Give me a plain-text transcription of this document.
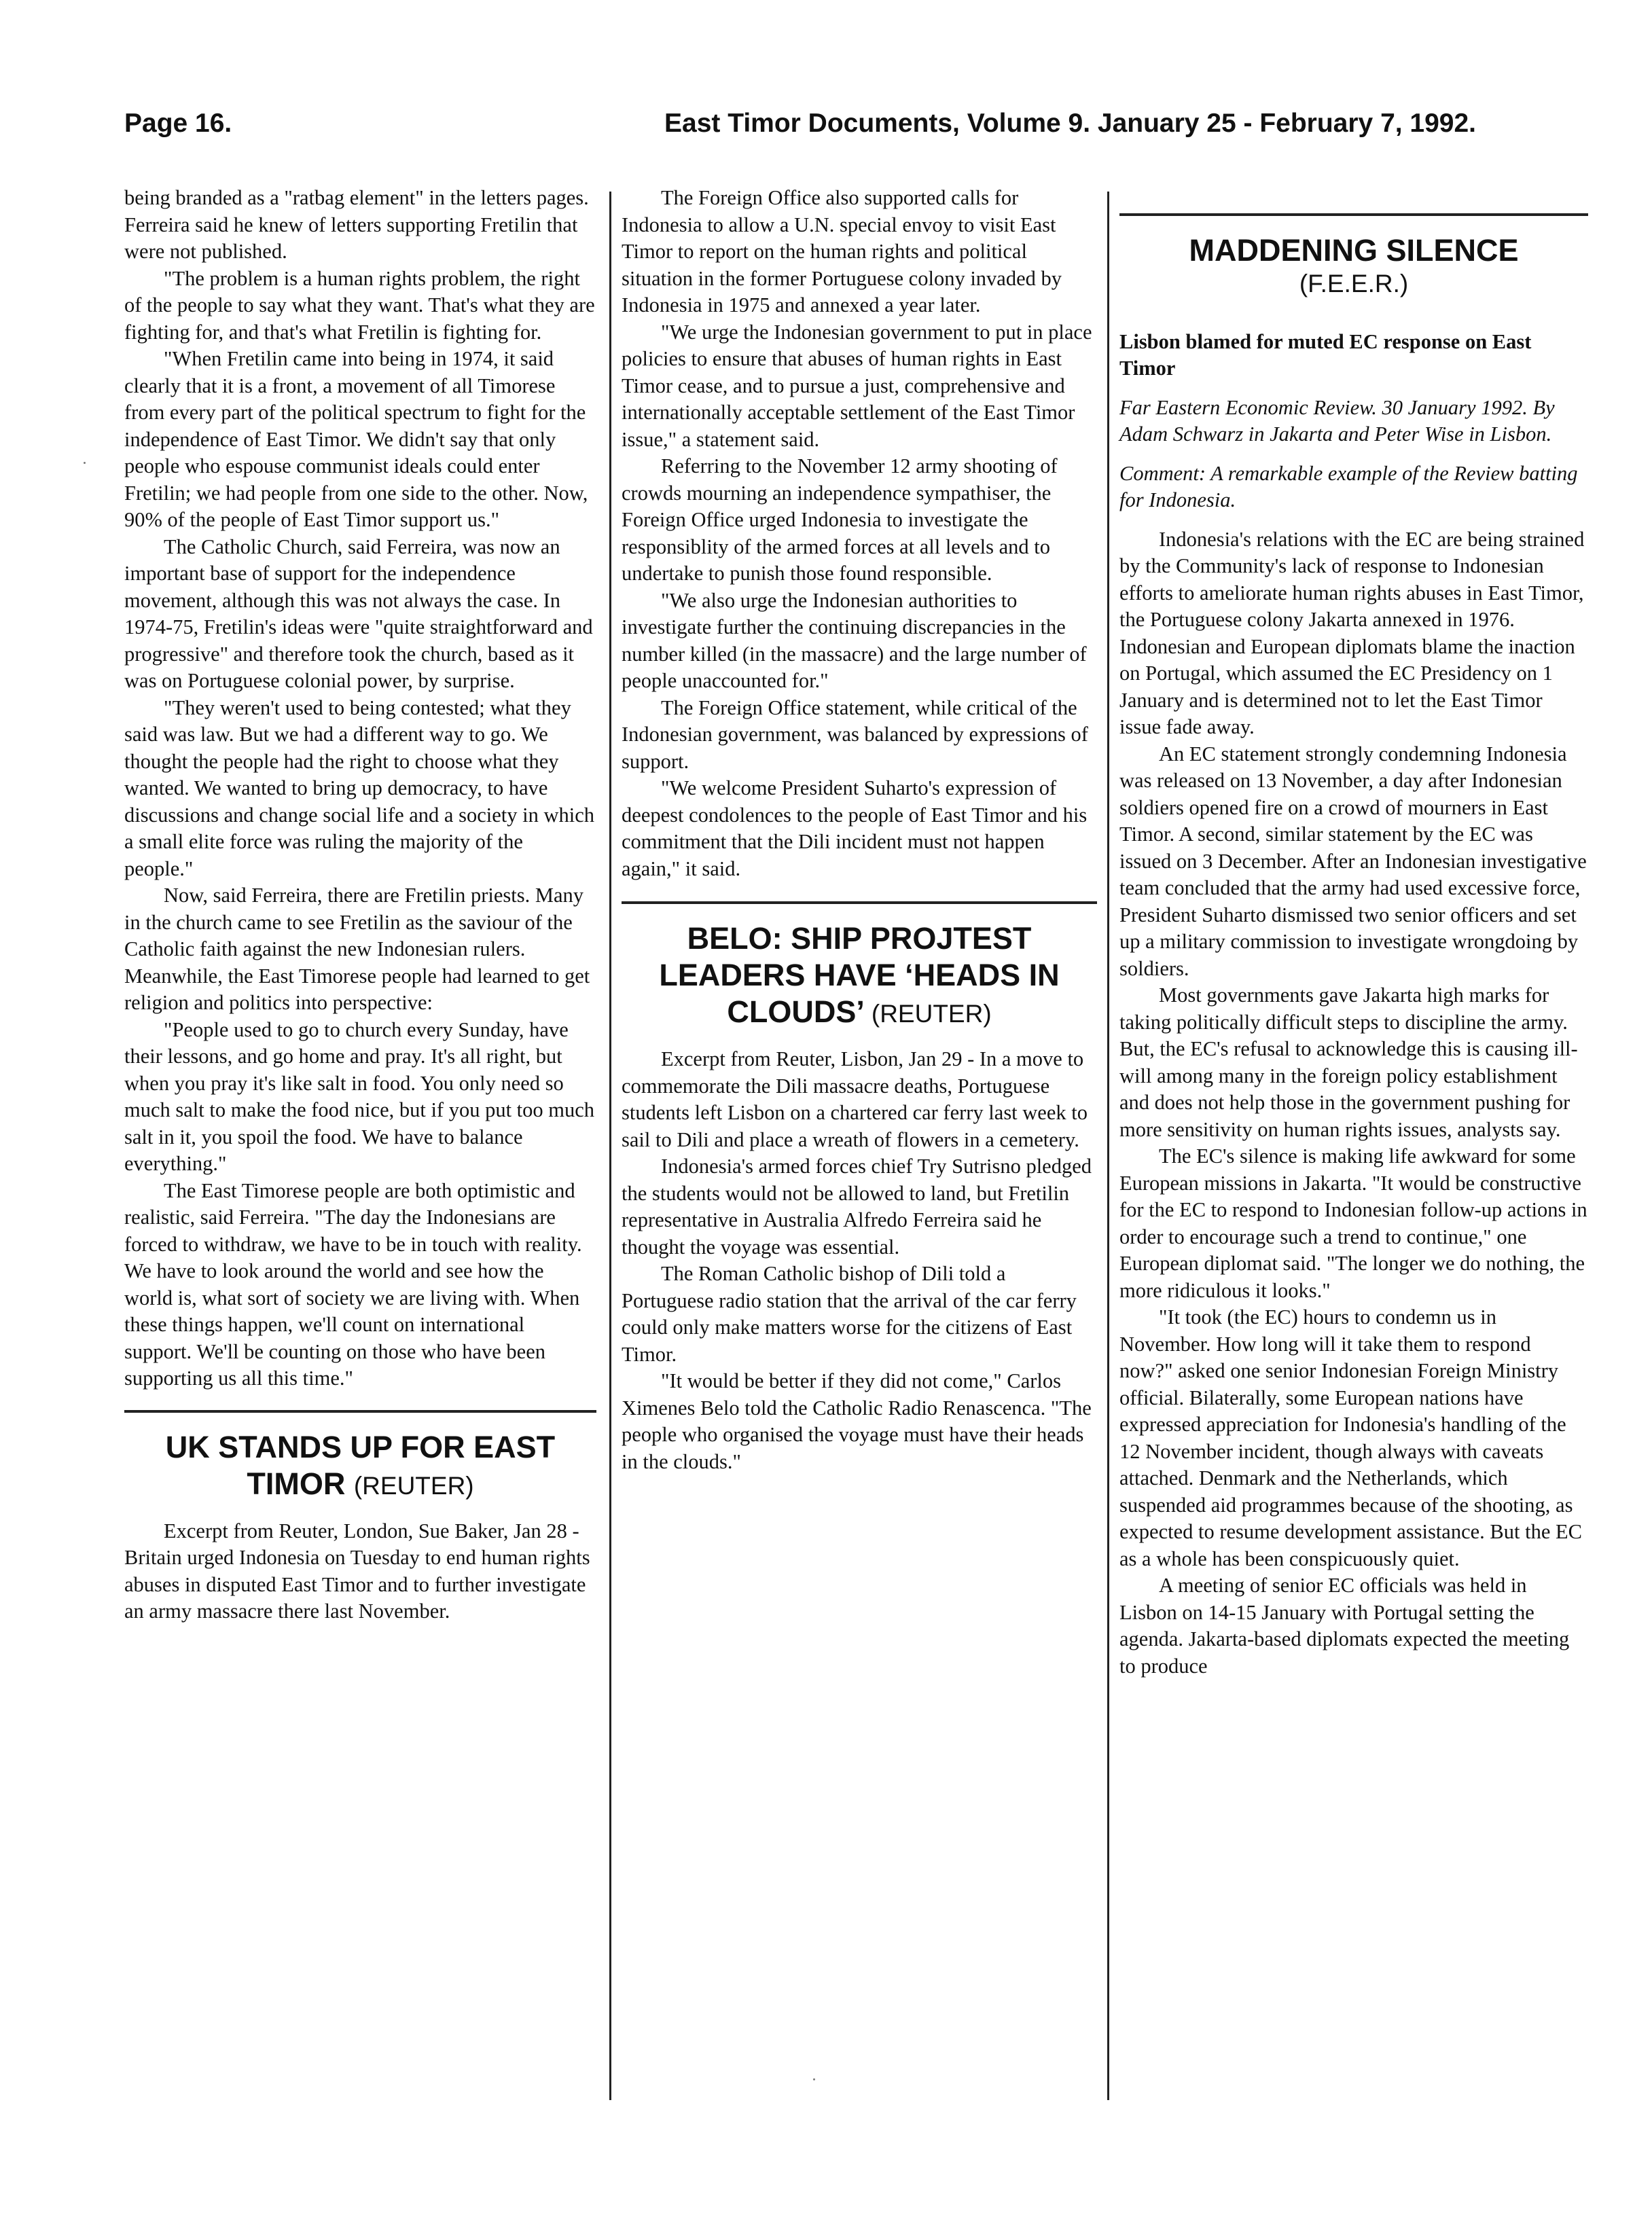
Page 16.	East Timor Documents, Volume 9. January 25 - February 7, 1992.

being branded as a "ratbag element" in the letters pages. Ferreira said he knew of letters supporting Fretilin that were not published.

"The problem is a human rights problem, the right of the people to say what they want. That's what they are fighting for, and that's what Fretilin is fighting for.

"When Fretilin came into being in 1974, it said clearly that it is a front, a movement of all Timorese from every part of the political spectrum to fight for the independence of East Timor. We didn't say that only people who espouse communist ideals could enter Fretilin; we had people from one side to the other. Now, 90% of the people of East Timor support us."

The Catholic Church, said Ferreira, was now an important base of support for the independence movement, although this was not always the case. In 1974-75, Fretilin's ideas were "quite straightforward and progressive" and therefore took the church, based as it was on Portuguese colonial power, by surprise.

"They weren't used to being contested; what they said was law. But we had a different way to go. We thought the people had the right to choose what they wanted. We wanted to bring up democracy, to have discussions and change social life and a society in which a small elite force was ruling the majority of the people."

Now, said Ferreira, there are Fretilin priests. Many in the church came to see Fretilin as the saviour of the Catholic faith against the new Indonesian rulers. Meanwhile, the East Timorese people had learned to get religion and politics into perspective:

"People used to go to church every Sunday, have their lessons, and go home and pray. It's all right, but when you pray it's like salt in food. You only need so much salt to make the food nice, but if you put too much salt in it, you spoil the food. We have to balance everything."

The East Timorese people are both optimistic and realistic, said Ferreira. "The day the Indonesians are forced to withdraw, we have to be in touch with reality. We have to look around the world and see how the world is, what sort of society we are living with. When these things happen, we'll count on international support. We'll be counting on those who have been supporting us all this time."

UK STANDS UP FOR EAST TIMOR (REUTER)

Excerpt from Reuter, London, Sue Baker, Jan 28 - Britain urged Indonesia on Tuesday to end human rights abuses in disputed East Timor and to further investigate an army massacre there last November.

The Foreign Office also supported calls for Indonesia to allow a U.N. special envoy to visit East Timor to report on the human rights and political situation in the former Portuguese colony invaded by Indonesia in 1975 and annexed a year later.

"We urge the Indonesian government to put in place policies to ensure that abuses of human rights in East Timor cease, and to pursue a just, comprehensive and internationally acceptable settlement of the East Timor issue," a statement said.

Referring to the November 12 army shooting of crowds mourning an independence sympathiser, the Foreign Office urged Indonesia to investigate the responsiblity of the armed forces at all levels and to undertake to punish those found responsible.

"We also urge the Indonesian authorities to investigate further the continuing discrepancies in the number killed (in the massacre) and the large number of people unaccounted for."

The Foreign Office statement, while critical of the Indonesian government, was balanced by expressions of support.

"We welcome President Suharto's expression of deepest condolences to the people of East Timor and his commitment that the Dili incident must not happen again," it said.

BELO: SHIP PROJTEST LEADERS HAVE ‘HEADS IN CLOUDS’ (REUTER)

Excerpt from Reuter, Lisbon, Jan 29 - In a move to commemorate the Dili massacre deaths, Portuguese students left Lisbon on a chartered car ferry last week to sail to Dili and place a wreath of flowers in a cemetery.

Indonesia's armed forces chief Try Sutrisno pledged the students would not be allowed to land, but Fretilin representative in Australia Alfredo Ferreira said he thought the voyage was essential.

The Roman Catholic bishop of Dili told a Portuguese radio station that the arrival of the car ferry could only make matters worse for the citizens of East Timor.

"It would be better if they did not come," Carlos Ximenes Belo told the Catholic Radio Renascenca. "The people who organised the voyage must have their heads in the clouds."

MADDENING SILENCE
(F.E.E.R.)

Lisbon blamed for muted EC response on East Timor

Far Eastern Economic Review. 30 January 1992. By Adam Schwarz in Jakarta and Peter Wise in Lisbon.

Comment: A remarkable example of the Review batting for Indonesia.

Indonesia's relations with the EC are being strained by the Community's lack of response to Indonesian efforts to ameliorate human rights abuses in East Timor, the Portuguese colony Jakarta annexed in 1976. Indonesian and European diplomats blame the inaction on Portugal, which assumed the EC Presidency on 1 January and is determined not to let the East Timor issue fade away.

An EC statement strongly condemning Indonesia was released on 13 November, a day after Indonesian soldiers opened fire on a crowd of mourners in East Timor. A second, similar statement by the EC was issued on 3 December. After an Indonesian investigative team concluded that the army had used excessive force, President Suharto dismissed two senior officers and set up a military commission to investigate wrongdoing by soldiers.

Most governments gave Jakarta high marks for taking politically difficult steps to discipline the army. But, the EC's refusal to acknowledge this is causing ill-will among many in the foreign policy establishment and does not help those in the government pushing for more sensitivity on human rights issues, analysts say.

The EC's silence is making life awkward for some European missions in Jakarta. "It would be constructive for the EC to respond to Indonesian follow-up actions in order to encourage such a trend to continue," one European diplomat said. "The longer we do nothing, the more ridiculous it looks."

"It took (the EC) hours to condemn us in November. How long will it take them to respond now?" asked one senior Indonesian Foreign Ministry official. Bilaterally, some European nations have expressed appreciation for Indonesia's handling of the 12 November incident, though always with caveats attached. Denmark and the Netherlands, which suspended aid programmes because of the shooting, as expected to resume development assistance. But the EC as a whole has been conspicuously quiet.

A meeting of senior EC officials was held in Lisbon on 14-15 January with Portugal setting the agenda. Jakarta-based diplomats expected the meeting to produce
